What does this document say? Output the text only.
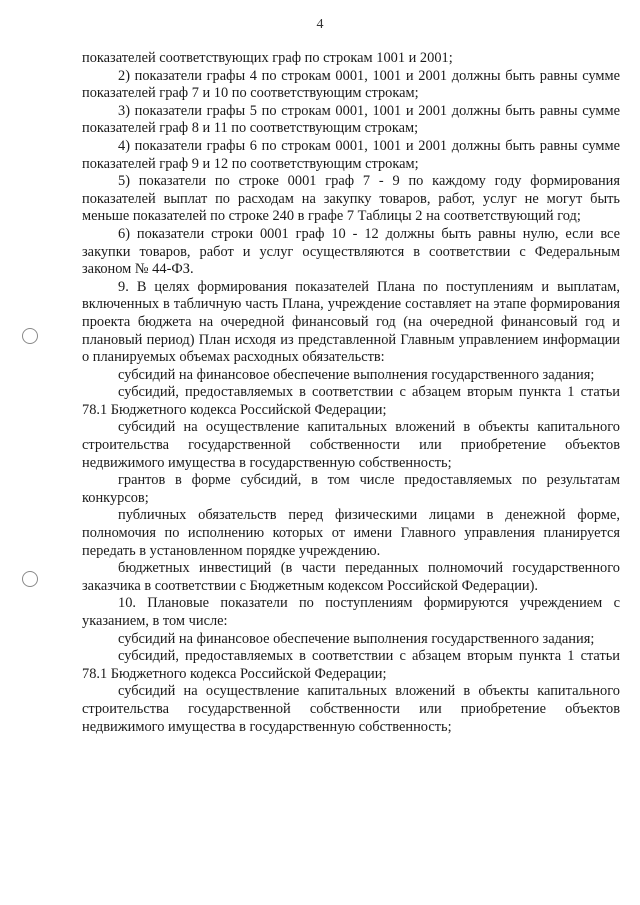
4

показателей соответствующих граф по строкам 1001 и 2001;

2) показатели графы 4 по строкам 0001, 1001 и 2001 должны быть равны сумме показателей граф 7 и 10 по соответствующим строкам;

3) показатели графы 5 по строкам 0001, 1001 и 2001 должны быть равны сумме показателей граф 8 и 11 по соответствующим строкам;

4) показатели графы 6 по строкам 0001, 1001 и 2001 должны быть равны сумме показателей граф 9 и 12 по соответствующим строкам;

5) показатели по строке 0001 граф 7 - 9 по каждому году формирования показателей выплат по расходам на закупку товаров, работ, услуг не могут быть меньше показателей по строке 240 в графе 7 Таблицы 2 на соответствующий год;

6) показатели строки 0001 граф 10 - 12 должны быть равны нулю, если все закупки товаров, работ и услуг осуществляются в соответствии с Федеральным законом № 44-ФЗ.

9. В целях формирования показателей Плана по поступлениям и выплатам, включенных в табличную часть Плана, учреждение составляет на этапе формирования проекта бюджета на очередной финансовый год (на очередной финансовый год и плановый период) План исходя из представленной Главным управлением информации о планируемых объемах расходных обязательств:

субсидий на финансовое обеспечение выполнения государственного задания;

субсидий, предоставляемых в соответствии с абзацем вторым пункта 1 статьи 78.1 Бюджетного кодекса Российской Федерации;

субсидий на осуществление капитальных вложений в объекты капитального строительства государственной собственности или приобретение объектов недвижимого имущества в государственную собственность;

грантов в форме субсидий, в том числе предоставляемых по результатам конкурсов;

публичных обязательств перед физическими лицами в денежной форме, полномочия по исполнению которых от имени Главного управления планируется передать в установленном порядке учреждению.

бюджетных инвестиций (в части переданных полномочий государственного заказчика в соответствии с Бюджетным кодексом Российской Федерации).

10. Плановые показатели по поступлениям формируются учреждением с указанием, в том числе:

субсидий на финансовое обеспечение выполнения государственного задания;

субсидий, предоставляемых в соответствии с абзацем вторым пункта 1 статьи 78.1 Бюджетного кодекса Российской Федерации;

субсидий на осуществление капитальных вложений в объекты капитального строительства государственной собственности или приобретение объектов недвижимого имущества в государственную собственность;
